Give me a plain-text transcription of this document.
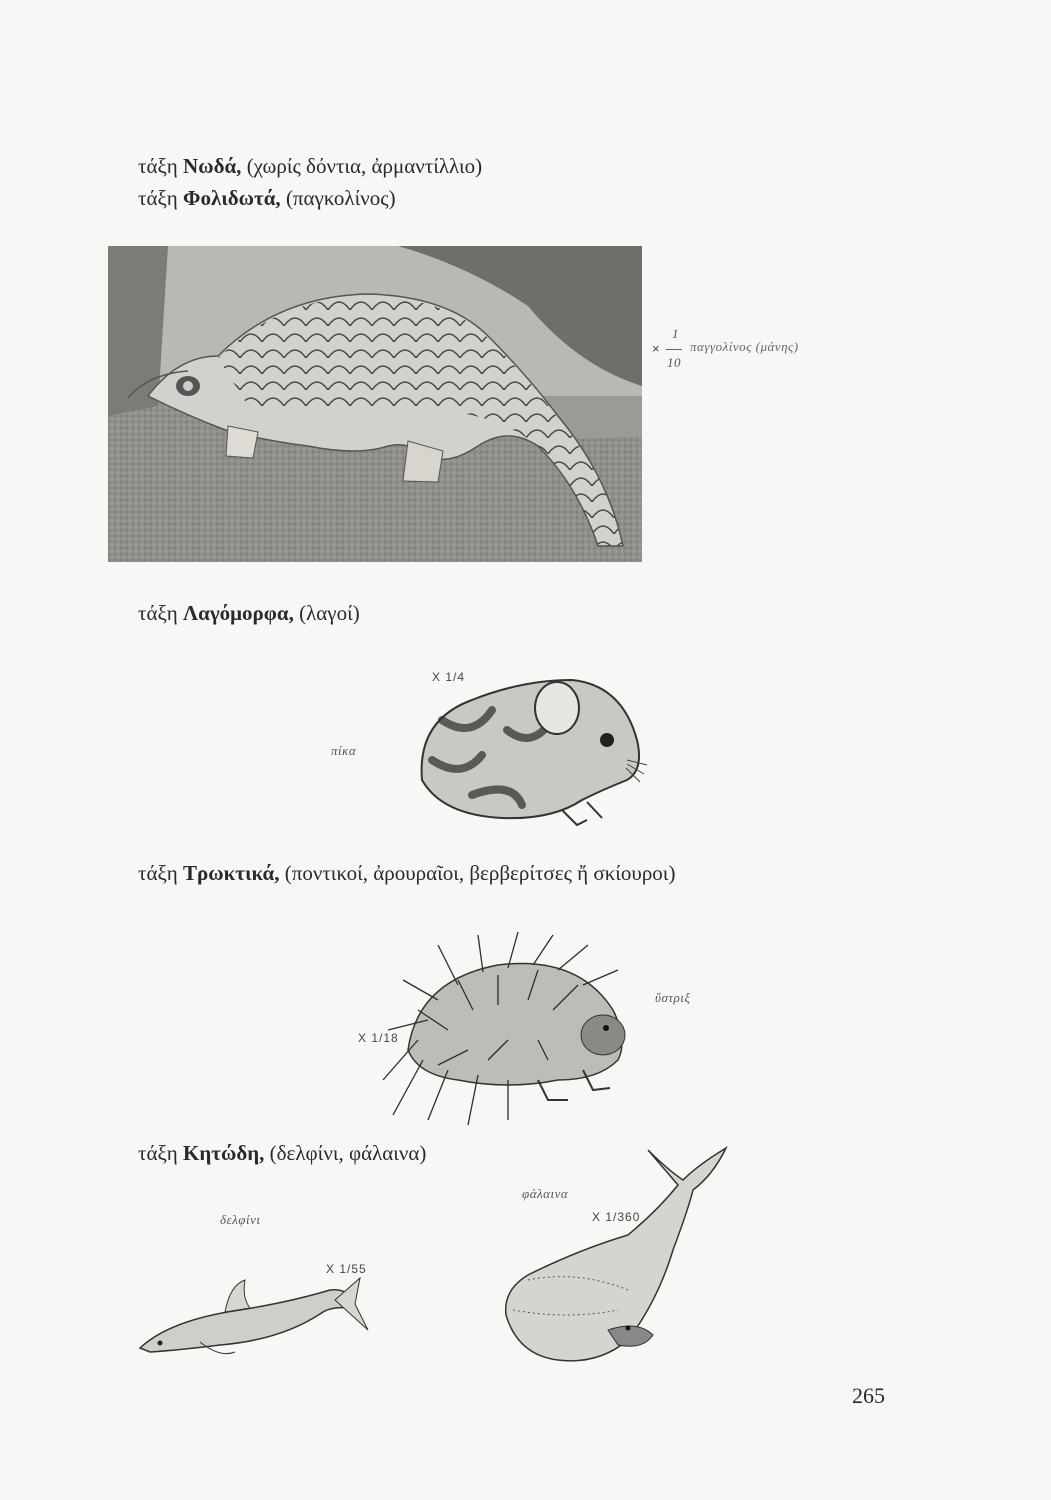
τάξη Νωδά, (χωρίς δόντια, ἀρμαντίλλιο)
τάξη Φολιδωτά, (παγκολίνος)
×
1
10
παγγολίνος (μάνης)
τάξη Λαγόμορφα, (λαγοί)
X 1/4
πίκα
τάξη Τρωκτικά, (ποντικοί, ἀρουραῖοι, βερβερίτσες ἤ σκίουροι)
X 1/18
ὕστριξ
τάξη Κητώδη, (δελφίνι, φάλαινα)
δελφίνι
X 1/55
φάλαινα
X 1/360
265
